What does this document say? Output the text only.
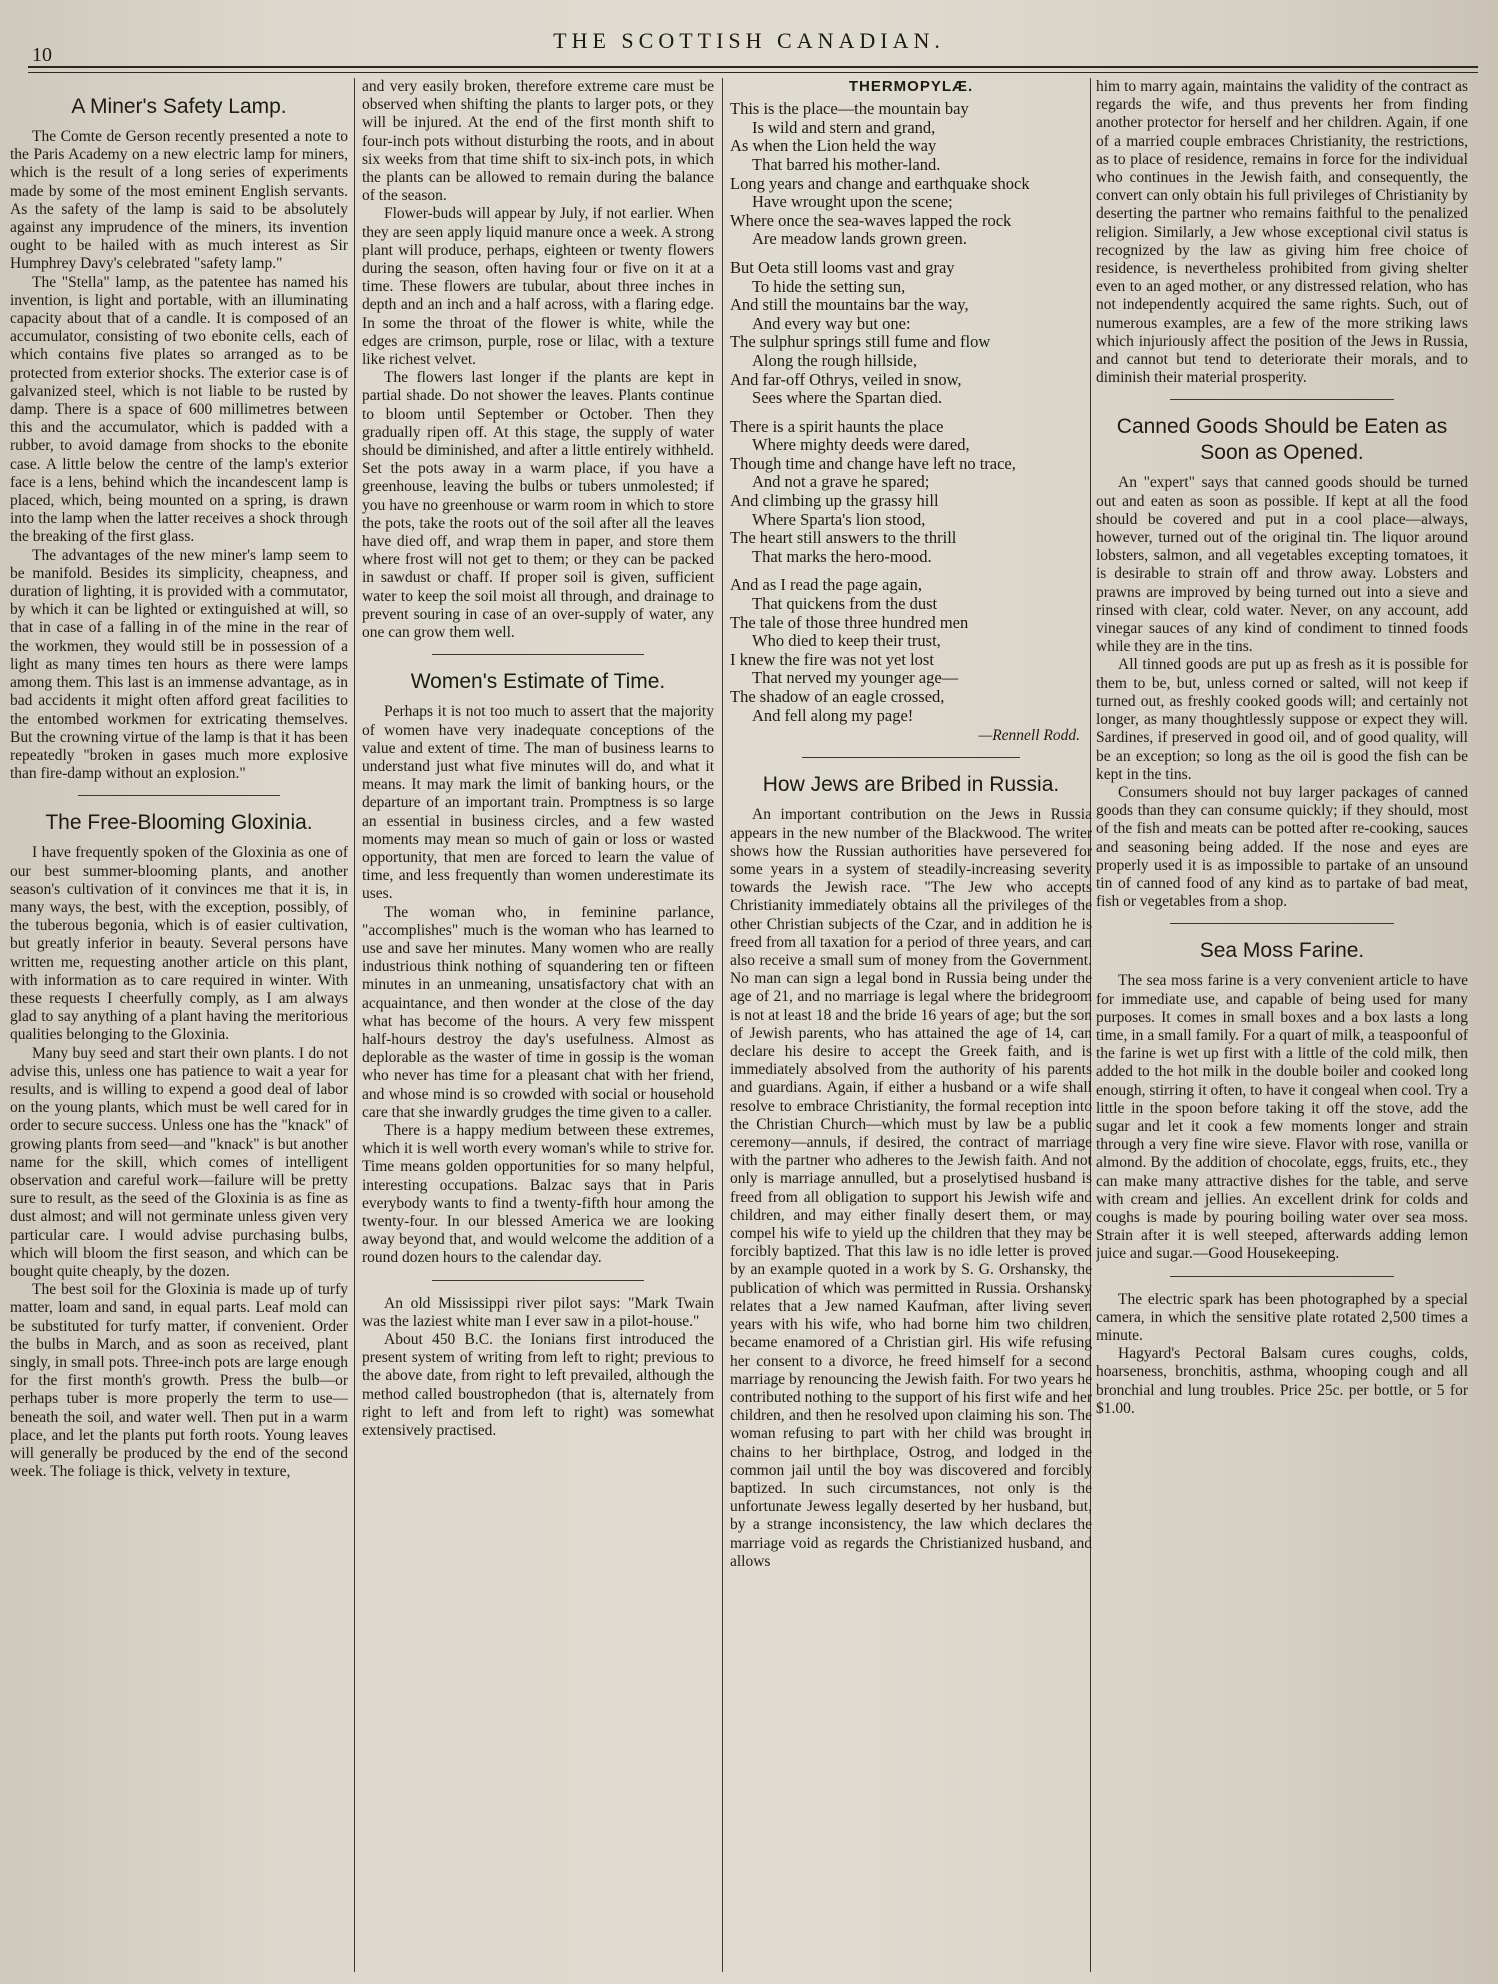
10
THE SCOTTISH CANADIAN.
A Miner's Safety Lamp.

The Comte de Gerson recently presented a note to the Paris Academy on a new electric lamp for miners, which is the result of a long series of experiments made by some of the most eminent English servants. As the safety of the lamp is said to be absolutely against any imprudence of the miners, its invention ought to be hailed with as much interest as Sir Humphrey Davy's celebrated "safety lamp."

The "Stella" lamp, as the patentee has named his invention, is light and portable, with an illuminating capacity about that of a candle. It is composed of an accumulator, consisting of two ebonite cells, each of which contains five plates so arranged as to be protected from exterior shocks. The exterior case is of galvanized steel, which is not liable to be rusted by damp. There is a space of 600 millimetres between this and the accumulator, which is padded with a rubber, to avoid damage from shocks to the ebonite case. A little below the centre of the lamp's exterior face is a lens, behind which the incandescent lamp is placed, which, being mounted on a spring, is drawn into the lamp when the latter receives a shock through the breaking of the first glass.

The advantages of the new miner's lamp seem to be manifold. Besides its simplicity, cheapness, and duration of lighting, it is provided with a commutator, by which it can be lighted or extinguished at will, so that in case of a falling in of the mine in the rear of the workmen, they would still be in possession of a light as many times ten hours as there were lamps among them. This last is an immense advantage, as in bad accidents it might often afford great facilities to the entombed workmen for extricating themselves. But the crowning virtue of the lamp is that it has been repeatedly "broken in gases much more explosive than fire-damp without an explosion."

The Free-Blooming Gloxinia.

I have frequently spoken of the Gloxinia as one of our best summer-blooming plants, and another season's cultivation of it convinces me that it is, in many ways, the best, with the exception, possibly, of the tuberous begonia, which is of easier cultivation, but greatly inferior in beauty. Several persons have written me, requesting another article on this plant, with information as to care required in winter. With these requests I cheerfully comply, as I am always glad to say anything of a plant having the meritorious qualities belonging to the Gloxinia.

Many buy seed and start their own plants. I do not advise this, unless one has patience to wait a year for results, and is willing to expend a good deal of labor on the young plants, which must be well cared for in order to secure success. Unless one has the "knack" of growing plants from seed—and "knack" is but another name for the skill, which comes of intelligent observation and careful work—failure will be pretty sure to result, as the seed of the Gloxinia is as fine as dust almost; and will not germinate unless given very particular care. I would advise purchasing bulbs, which will bloom the first season, and which can be bought quite cheaply, by the dozen.

The best soil for the Gloxinia is made up of turfy matter, loam and sand, in equal parts. Leaf mold can be substituted for turfy matter, if convenient. Order the bulbs in March, and as soon as received, plant singly, in small pots. Three-inch pots are large enough for the first month's growth. Press the bulb—or perhaps tuber is more properly the term to use—beneath the soil, and water well. Then put in a warm place, and let the plants put forth roots. Young leaves will generally be produced by the end of the second week. The foliage is thick, velvety in texture,

and very easily broken, therefore extreme care must be observed when shifting the plants to larger pots, or they will be injured. At the end of the first month shift to four-inch pots without disturbing the roots, and in about six weeks from that time shift to six-inch pots, in which the plants can be allowed to remain during the balance of the season.

Flower-buds will appear by July, if not earlier. When they are seen apply liquid manure once a week. A strong plant will produce, perhaps, eighteen or twenty flowers during the season, often having four or five on it at a time. These flowers are tubular, about three inches in depth and an inch and a half across, with a flaring edge. In some the throat of the flower is white, while the edges are crimson, purple, rose or lilac, with a texture like richest velvet.

The flowers last longer if the plants are kept in partial shade. Do not shower the leaves. Plants continue to bloom until September or October. Then they gradually ripen off. At this stage, the supply of water should be diminished, and after a little entirely withheld. Set the pots away in a warm place, if you have a greenhouse, leaving the bulbs or tubers unmolested; if you have no greenhouse or warm room in which to store the pots, take the roots out of the soil after all the leaves have died off, and wrap them in paper, and store them where frost will not get to them; or they can be packed in sawdust or chaff. If proper soil is given, sufficient water to keep the soil moist all through, and drainage to prevent souring in case of an over-supply of water, any one can grow them well.

Women's Estimate of Time.

Perhaps it is not too much to assert that the majority of women have very inadequate conceptions of the value and extent of time. The man of business learns to understand just what five minutes will do, and what it means. It may mark the limit of banking hours, or the departure of an important train. Promptness is so large an essential in business circles, and a few wasted moments may mean so much of gain or loss or wasted opportunity, that men are forced to learn the value of time, and less frequently than women underestimate its uses.

The woman who, in feminine parlance, "accomplishes" much is the woman who has learned to use and save her minutes. Many women who are really industrious think nothing of squandering ten or fifteen minutes in an unmeaning, unsatisfactory chat with an acquaintance, and then wonder at the close of the day what has become of the hours. A very few misspent half-hours destroy the day's usefulness. Almost as deplorable as the waster of time in gossip is the woman who never has time for a pleasant chat with her friend, and whose mind is so crowded with social or household care that she inwardly grudges the time given to a caller.

There is a happy medium between these extremes, which it is well worth every woman's while to strive for. Time means golden opportunities for so many helpful, interesting occupations. Balzac says that in Paris everybody wants to find a twenty-fifth hour among the twenty-four. In our blessed America we are looking away beyond that, and would welcome the addition of a round dozen hours to the calendar day.

An old Mississippi river pilot says: "Mark Twain was the laziest white man I ever saw in a pilot-house."

About 450 B.C. the Ionians first introduced the present system of writing from left to right; previous to the above date, from right to left prevailed, although the method called boustrophedon (that is, alternately from right to left and from left to right) was somewhat extensively practised.

THERMOPYLÆ.
This is the place—the mountain bay
Is wild and stern and grand,
As when the Lion held the way
That barred his mother-land.
Long years and change and earthquake shock
Have wrought upon the scene;
Where once the sea-waves lapped the rock
Are meadow lands grown green.
But Oeta still looms vast and gray
To hide the setting sun,
And still the mountains bar the way,
And every way but one:
The sulphur springs still fume and flow
Along the rough hillside,
And far-off Othrys, veiled in snow,
Sees where the Spartan died.
There is a spirit haunts the place
Where mighty deeds were dared,
Though time and change have left no trace,
And not a grave he spared;
And climbing up the grassy hill
Where Sparta's lion stood,
The heart still answers to the thrill
That marks the hero-mood.
And as I read the page again,
That quickens from the dust
The tale of those three hundred men
Who died to keep their trust,
I knew the fire was not yet lost
That nerved my younger age—
The shadow of an eagle crossed,
And fell along my page!
—Rennell Rodd.
How Jews are Bribed in Russia.

An important contribution on the Jews in Russia appears in the new number of the Blackwood. The writer shows how the Russian authorities have persevered for some years in a system of steadily-increasing severity towards the Jewish race. "The Jew who accepts Christianity immediately obtains all the privileges of the other Christian subjects of the Czar, and in addition he is freed from all taxation for a period of three years, and can also receive a small sum of money from the Government. No man can sign a legal bond in Russia being under the age of 21, and no marriage is legal where the bridegroom is not at least 18 and the bride 16 years of age; but the son of Jewish parents, who has attained the age of 14, can declare his desire to accept the Greek faith, and is immediately absolved from the authority of his parents and guardians. Again, if either a husband or a wife shall resolve to embrace Christianity, the formal reception into the Christian Church—which must by law be a public ceremony—annuls, if desired, the contract of marriage with the partner who adheres to the Jewish faith. And not only is marriage annulled, but a proselytised husband is freed from all obligation to support his Jewish wife and children, and may either finally desert them, or may compel his wife to yield up the children that they may be forcibly baptized. That this law is no idle letter is proved by an example quoted in a work by S. G. Orshansky, the publication of which was permitted in Russia. Orshansky relates that a Jew named Kaufman, after living seven years with his wife, who had borne him two children, became enamored of a Christian girl. His wife refusing her consent to a divorce, he freed himself for a second marriage by renouncing the Jewish faith. For two years he contributed nothing to the support of his first wife and her children, and then he resolved upon claiming his son. The woman refusing to part with her child was brought in chains to her birthplace, Ostrog, and lodged in the common jail until the boy was discovered and forcibly baptized. In such circumstances, not only is the unfortunate Jewess legally deserted by her husband, but, by a strange inconsistency, the law which declares the marriage void as regards the Christianized husband, and allows

him to marry again, maintains the validity of the contract as regards the wife, and thus prevents her from finding another protector for herself and her children. Again, if one of a married couple embraces Christianity, the restrictions, as to place of residence, remains in force for the individual who continues in the Jewish faith, and consequently, the convert can only obtain his full privileges of Christianity by deserting the partner who remains faithful to the penalized religion. Similarly, a Jew whose exceptional civil status is recognized by the law as giving him free choice of residence, is nevertheless prohibited from giving shelter even to an aged mother, or any distressed relation, who has not independently acquired the same rights. Such, out of numerous examples, are a few of the more striking laws which injuriously affect the position of the Jews in Russia, and cannot but tend to deteriorate their morals, and to diminish their material prosperity.

Canned Goods Should be Eaten as Soon as Opened.

An "expert" says that canned goods should be turned out and eaten as soon as possible. If kept at all the food should be covered and put in a cool place—always, however, turned out of the original tin. The liquor around lobsters, salmon, and all vegetables excepting tomatoes, it is desirable to strain off and throw away. Lobsters and prawns are improved by being turned out into a sieve and rinsed with clear, cold water. Never, on any account, add vinegar sauces of any kind of condiment to tinned foods while they are in the tins.

All tinned goods are put up as fresh as it is possible for them to be, but, unless corned or salted, will not keep if turned out, as freshly cooked goods will; and certainly not longer, as many thoughtlessly suppose or expect they will. Sardines, if preserved in good oil, and of good quality, will be an exception; so long as the oil is good the fish can be kept in the tins.

Consumers should not buy larger packages of canned goods than they can consume quickly; if they should, most of the fish and meats can be potted after re-cooking, sauces and seasoning being added. If the nose and eyes are properly used it is as impossible to partake of an unsound tin of canned food of any kind as to partake of bad meat, fish or vegetables from a shop.

Sea Moss Farine.

The sea moss farine is a very convenient article to have for immediate use, and capable of being used for many purposes. It comes in small boxes and a box lasts a long time, in a small family. For a quart of milk, a teaspoonful of the farine is wet up first with a little of the cold milk, then added to the hot milk in the double boiler and cooked long enough, stirring it often, to have it congeal when cool. Try a little in the spoon before taking it off the stove, add the sugar and let it cook a few moments longer and strain through a very fine wire sieve. Flavor with rose, vanilla or almond. By the addition of chocolate, eggs, fruits, etc., they can make many attractive dishes for the table, and serve with cream and jellies. An excellent drink for colds and coughs is made by pouring boiling water over sea moss. Strain after it is well steeped, afterwards adding lemon juice and sugar.—Good Housekeeping.

The electric spark has been photographed by a special camera, in which the sensitive plate rotated 2,500 times a minute.

Hagyard's Pectoral Balsam cures coughs, colds, hoarseness, bronchitis, asthma, whooping cough and all bronchial and lung troubles. Price 25c. per bottle, or 5 for $1.00.
